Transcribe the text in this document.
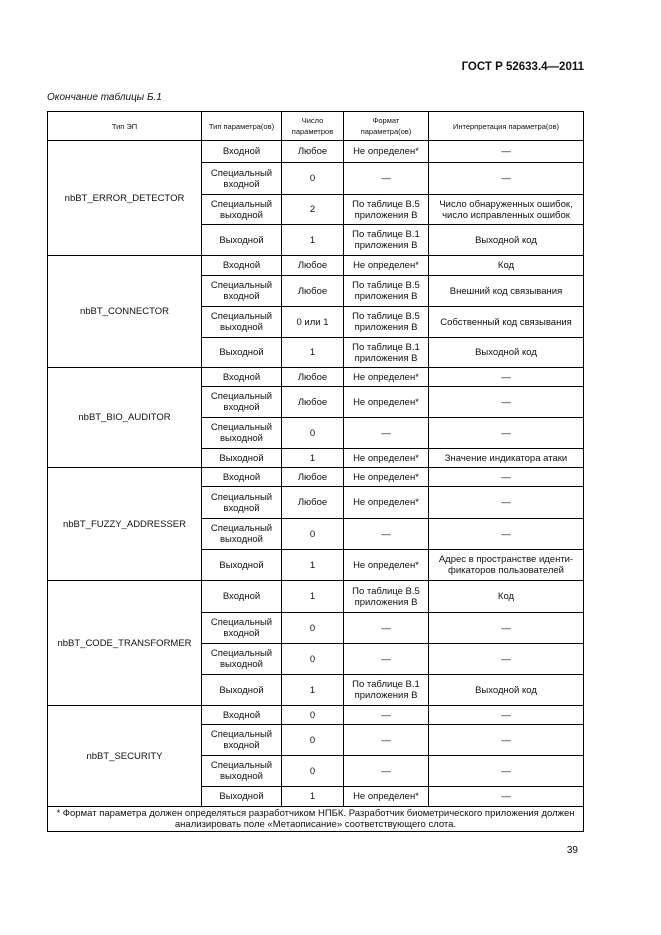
ГОСТ Р 52633.4—2011
Окончание таблицы Б.1
Тип ЭП	Тип параметра(ов)	Число параметров	Формат параметра(ов)	Интерпретация параметра(ов)
nbBT_ERROR_DETECTOR	Входной	Любое	Не определен*	—
	Специальный входной	0	—	—
	Специальный выходной	2	По таблице В.5 приложения В	Число обнаруженных ошибок, число исправленных ошибок
	Выходной	1	По таблице В.1 приложения В	Выходной код
nbBT_CONNECTOR	Входной	Любое	Не определен*	Код
	Специальный входной	Любое	По таблице В.5 приложения В	Внешний код связывания
	Специальный выходной	0 или 1	По таблице В.5 приложения В	Собственный код связывания
	Выходной	1	По таблице В.1 приложения В	Выходной код
nbBT_BIO_AUDITOR	Входной	Любое	Не определен*	—
	Специальный входной	Любое	Не определен*	—
	Специальный выходной	0	—	—
	Выходной	1	Не определен*	Значение индикатора атаки
nbBT_FUZZY_ADDRESSER	Входной	Любое	Не определен*	—
	Специальный входной	Любое	Не определен*	—
	Специальный выходной	0	—	—
	Выходной	1	Не определен*	Адрес в пространстве иденти-фикаторов пользователей
nbBT_CODE_TRANSFORMER	Входной	1	По таблице В.5 приложения В	Код
	Специальный входной	0	—	—
	Специальный выходной	0	—	—
	Выходной	1	По таблице В.1 приложения В	Выходной код
nbBT_SECURITY	Входной	0	—	—
	Специальный входной	0	—	—
	Специальный выходной	0	—	—
	Выходной	1	Не определен*	—
* Формат параметра должен определяться разработчиком НПБК. Разработчик биометрического приложения должен анализировать поле «Метаописание» соответствующего слота.				
39
